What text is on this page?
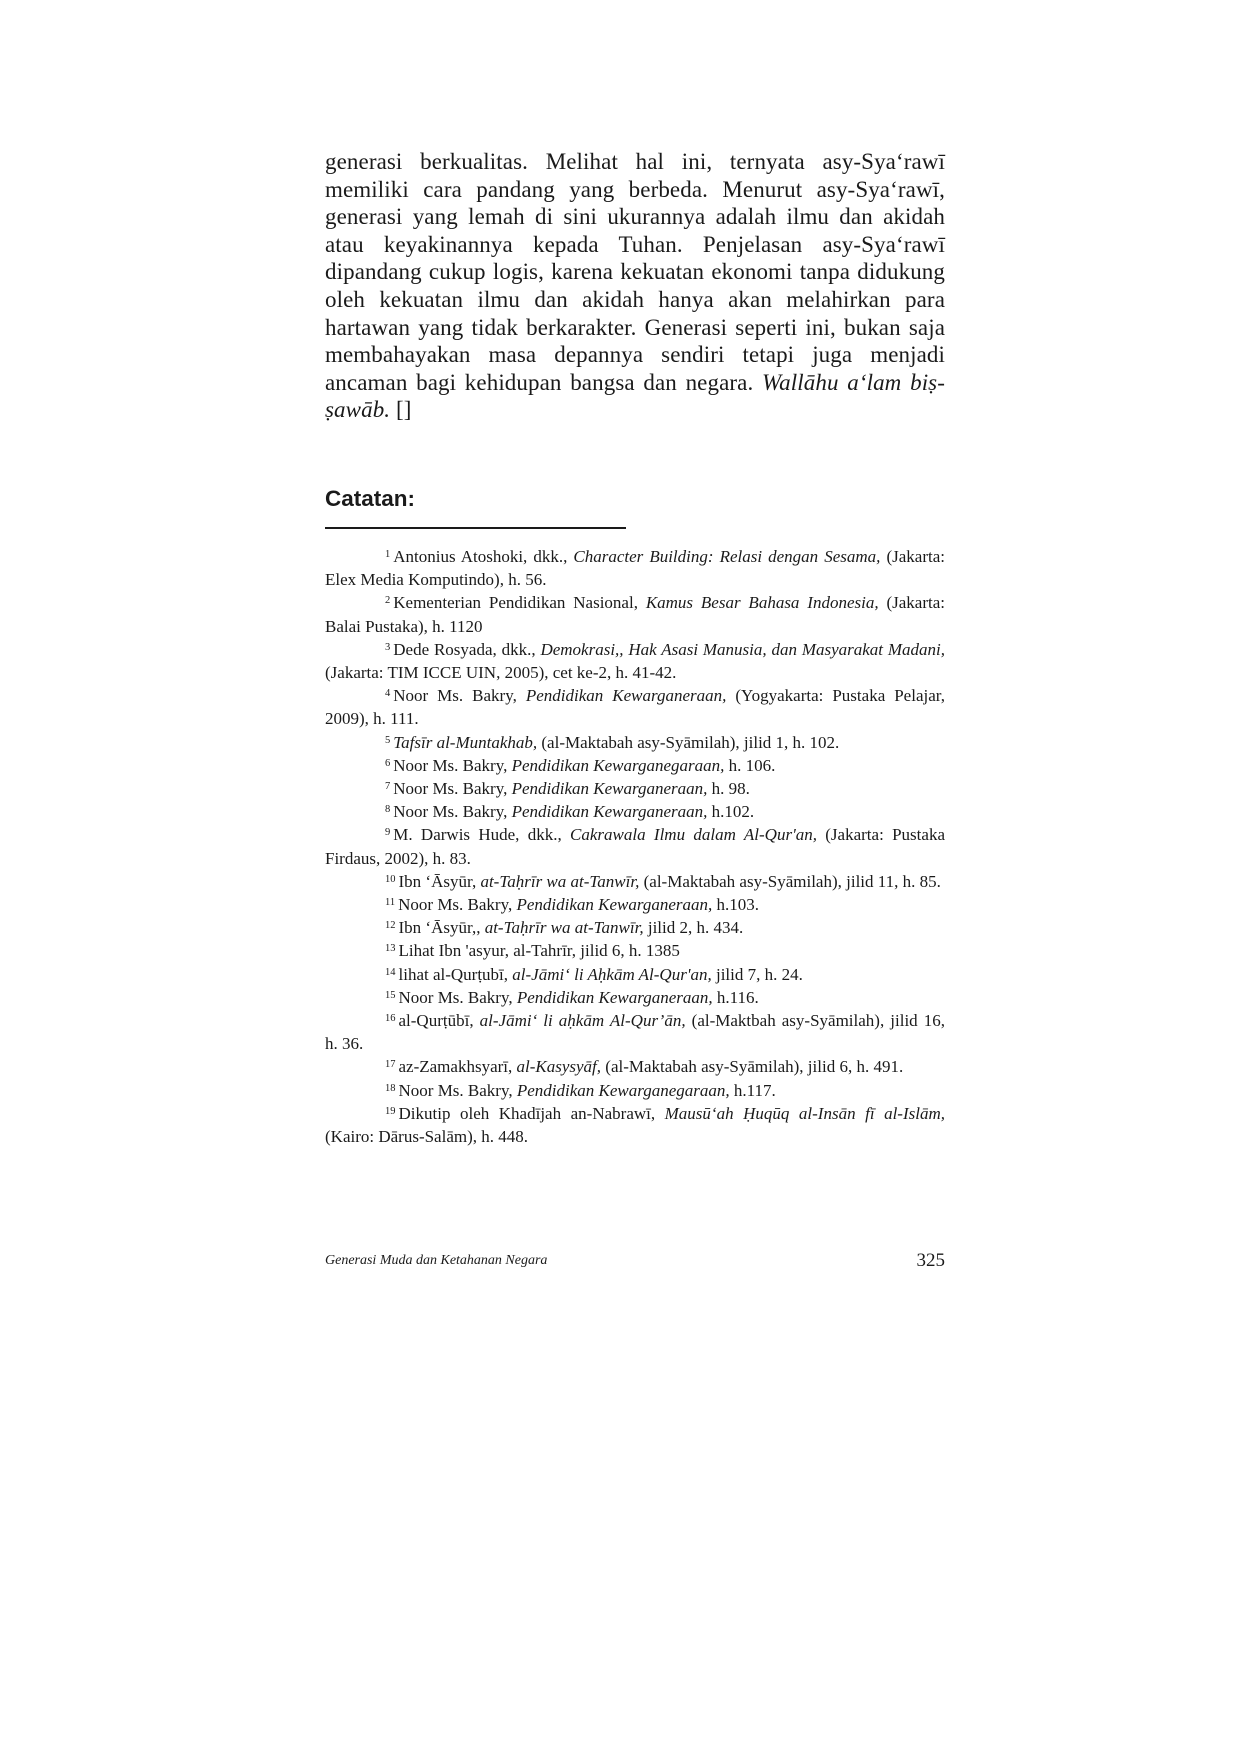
generasi berkualitas. Melihat hal ini, ternyata asy-Sya‘rawī memiliki cara pandang yang berbeda. Menurut asy-Sya‘rawī, generasi yang lemah di sini ukurannya adalah ilmu dan akidah atau keyakinannya kepada Tuhan. Penjelasan asy-Sya‘rawī dipandang cukup logis, karena kekuatan ekonomi tanpa didukung oleh kekuatan ilmu dan akidah hanya akan melahirkan para hartawan yang tidak berkarakter. Generasi seperti ini, bukan saja membahayakan masa depannya sendiri tetapi juga menjadi ancaman bagi kehidupan bangsa dan negara. Wallāhu a‘lam biṣ-ṣawāb. []

Catatan:

$^1$ Antonius Atoshoki, dkk., Character Building: Relasi dengan Sesama, (Jakarta: Elex Media Komputindo), h. 56.

$^2$ Kementerian Pendidikan Nasional, Kamus Besar Bahasa Indonesia, (Jakarta: Balai Pustaka), h. 1120

$^3$ Dede Rosyada, dkk., Demokrasi,, Hak Asasi Manusia, dan Masyarakat Madani, (Jakarta: TIM ICCE UIN, 2005), cet ke-2, h. 41-42.

$^4$ Noor Ms. Bakry, Pendidikan Kewarganeraan, (Yogyakarta: Pustaka Pelajar, 2009), h. 111.

$^5$ Tafsīr al-Muntakhab, (al-Maktabah asy-Syāmilah), jilid 1, h. 102.

$^6$ Noor Ms. Bakry, Pendidikan Kewarganegaraan, h. 106.

$^7$ Noor Ms. Bakry, Pendidikan Kewarganeraan, h. 98.

$^8$ Noor Ms. Bakry, Pendidikan Kewarganeraan, h.102.

$^9$ M. Darwis Hude, dkk., Cakrawala Ilmu dalam Al-Qur'an, (Jakarta: Pustaka Firdaus, 2002), h. 83.

$^{10}$ Ibn ‘Āsyūr, at-Taḥrīr wa at-Tanwīr, (al-Maktabah asy-Syāmilah), jilid 11, h. 85.

$^{11}$ Noor Ms. Bakry, Pendidikan Kewarganeraan, h.103.

$^{12}$ Ibn ‘Āsyūr,, at-Taḥrīr wa at-Tanwīr, jilid 2, h. 434.

$^{13}$ Lihat Ibn 'asyur, al-Tahrīr, jilid 6, h. 1385

$^{14}$ lihat al-Qurṭubī, al-Jāmi‘ li Aḥkām Al-Qur'an, jilid 7, h. 24.

$^{15}$ Noor Ms. Bakry, Pendidikan Kewarganeraan, h.116.

$^{16}$ al-Qurṭūbī, al-Jāmi‘ li aḥkām Al-Qur’ān, (al-Maktbah asy-Syāmilah), jilid 16, h. 36.

$^{17}$ az-Zamakhsyarī, al-Kasysyāf, (al-Maktabah asy-Syāmilah), jilid 6, h. 491.

$^{18}$ Noor Ms. Bakry, Pendidikan Kewarganegaraan, h.117.

$^{19}$ Dikutip oleh Khadījah an-Nabrawī, Mausū‘ah Ḥuqūq al-Insān fī al-Islām, (Kairo: Dārus-Salām), h. 448.

Generasi Muda dan Ketahanan Negara	325
